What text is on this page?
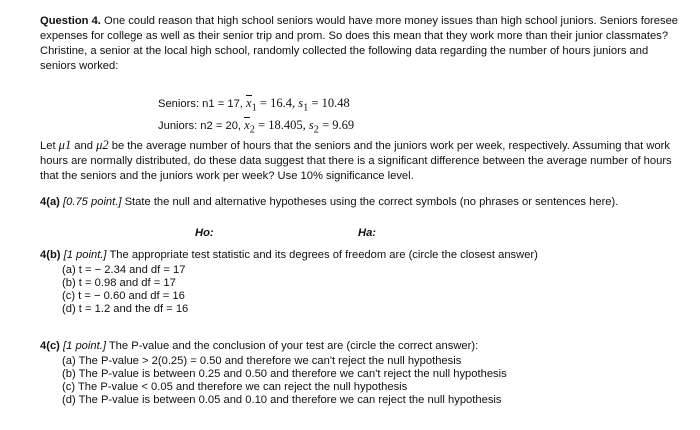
Question 4. One could reason that high school seniors would have more money issues than high school juniors. Seniors foresee expenses for college as well as their senior trip and prom. So does this mean that they work more than their junior classmates? Christine, a senior at the local high school, randomly collected the following data regarding the number of hours juniors and seniors worked:

Seniors: n1 = 17, $x_1 = 16.4$, $s_1 = 10.48$
Juniors: n2 = 20, $x_2 = 18.405$, $s_2 = 9.69$

Let μ1 and μ2 be the average number of hours that the seniors and the juniors work per week, respectively. Assuming that work hours are normally distributed, do these data suggest that there is a significant difference between the average number of hours that the seniors and the juniors work per week? Use 10% significance level.

4(a) [0.75 point.] State the null and alternative hypotheses using the correct symbols (no phrases or sentences here).

Ho:	Ha:

4(b) [1 point.] The appropriate test statistic and its degrees of freedom are (circle the closest answer)

(a) t = − 2.34 and df = 17
(b) t = 0.98 and df = 17
(c) t = − 0.60 and df = 16
(d) t = 1.2 and the df = 16

4(c) [1 point.] The P-value and the conclusion of your test are (circle the correct answer):

(a) The P-value > 2(0.25) = 0.50 and therefore we can't reject the null hypothesis
(b) The P-value is between 0.25 and 0.50 and therefore we can't reject the null hypothesis
(c) The P-value < 0.05 and therefore we can reject the null hypothesis
(d) The P-value is between 0.05 and 0.10 and therefore we can reject the null hypothesis
